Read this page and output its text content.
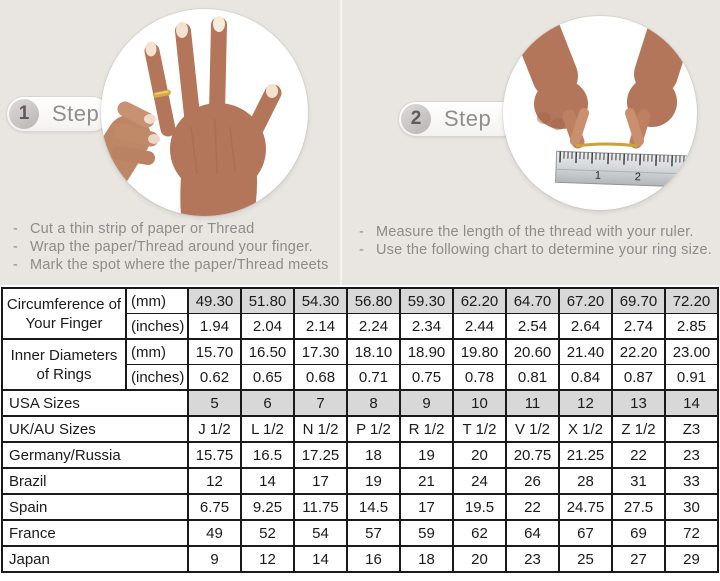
1	Step
- Cut a thin strip of paper or Thread
- Wrap the paper/Thread around your finger.
- Mark the spot where the paper/Thread meets
1	2	3
2	Step
- Measure the length of the thread with your ruler.
- Use the following chart to determine your ring size.
Circumference of Your Finger	(mm)	49.30	51.80	54.30	56.80	59.30	62.20	64.70	67.20	69.70	72.20
	(inches)	1.94	2.04	2.14	2.24	2.34	2.44	2.54	2.64	2.74	2.85
Inner Diameters of Rings	(mm)	15.70	16.50	17.30	18.10	18.90	19.80	20.60	21.40	22.20	23.00
	(inches)	0.62	0.65	0.68	0.71	0.75	0.78	0.81	0.84	0.87	0.91
USA Sizes		5	6	7	8	9	10	11	12	13	14
UK/AU Sizes		J 1/2	L 1/2	N 1/2	P 1/2	R 1/2	T 1/2	V 1/2	X 1/2	Z 1/2	Z3
Germany/Russia		15.75	16.5	17.25	18	19	20	20.75	21.25	22	23
Brazil		12	14	17	19	21	24	26	28	31	33
Spain		6.75	9.25	11.75	14.5	17	19.5	22	24.75	27.5	30
France		49	52	54	57	59	62	64	67	69	72
Japan		9	12	14	16	18	20	23	25	27	29
